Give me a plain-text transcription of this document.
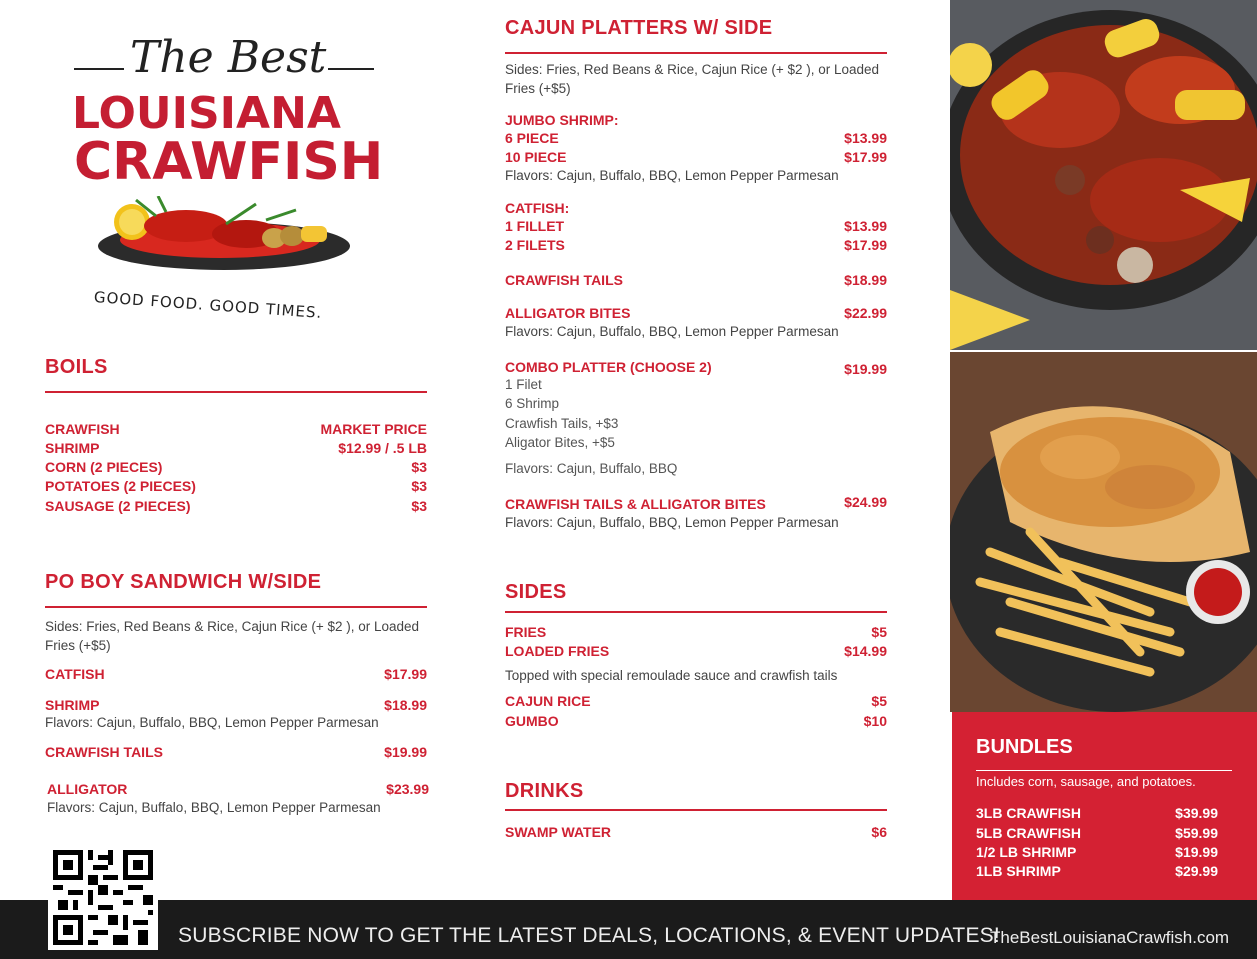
The Best
LOUISIANA
CRAWFISH
GOOD FOOD. GOOD TIMES.
BOILS
CRAWFISH	MARKET PRICE
SHRIMP	$12.99 / .5 LB
CORN (2 PIECES)	$3
POTATOES (2 PIECES)	$3
SAUSAGE (2 PIECES)	$3
PO BOY SANDWICH W/SIDE
Sides: Fries, Red Beans & Rice, Cajun Rice (+ $2 ), or Loaded Fries (+$5)
CATFISH	$17.99
SHRIMP	$18.99
Flavors: Cajun, Buffalo, BBQ, Lemon Pepper Parmesan
CRAWFISH TAILS	$19.99
ALLIGATOR	$23.99
Flavors: Cajun, Buffalo, BBQ, Lemon Pepper Parmesan
CAJUN PLATTERS W/ SIDE
Sides: Fries, Red Beans & Rice, Cajun Rice (+ $2 ), or Loaded Fries (+$5)
JUMBO SHRIMP:
6 PIECE	$13.99
10 PIECE	$17.99
Flavors: Cajun, Buffalo, BBQ, Lemon Pepper Parmesan
CATFISH:
1 FILLET	$13.99
2 FILETS	$17.99
CRAWFISH TAILS	$18.99
ALLIGATOR BITES	$22.99
Flavors: Cajun, Buffalo, BBQ, Lemon Pepper Parmesan
COMBO PLATTER (CHOOSE 2)	$19.99
1 Filet
6 Shrimp
Crawfish Tails, +$3
Aligator Bites, +$5
Flavors: Cajun, Buffalo, BBQ
CRAWFISH TAILS & ALLIGATOR BITES	$24.99
Flavors: Cajun, Buffalo, BBQ, Lemon Pepper Parmesan
SIDES
FRIES	$5
LOADED FRIES	$14.99
Topped with special remoulade sauce and crawfish tails
CAJUN RICE	$5
GUMBO	$10
DRINKS
SWAMP WATER	$6
BUNDLES
Includes corn, sausage, and potatoes.
3LB CRAWFISH	$39.99
5LB CRAWFISH	$59.99
1/2 LB SHRIMP	$19.99
1LB SHRIMP	$29.99
SUBSCRIBE NOW TO GET THE LATEST DEALS, LOCATIONS, & EVENT UPDATES!
TheBestLouisianaCrawfish.com
